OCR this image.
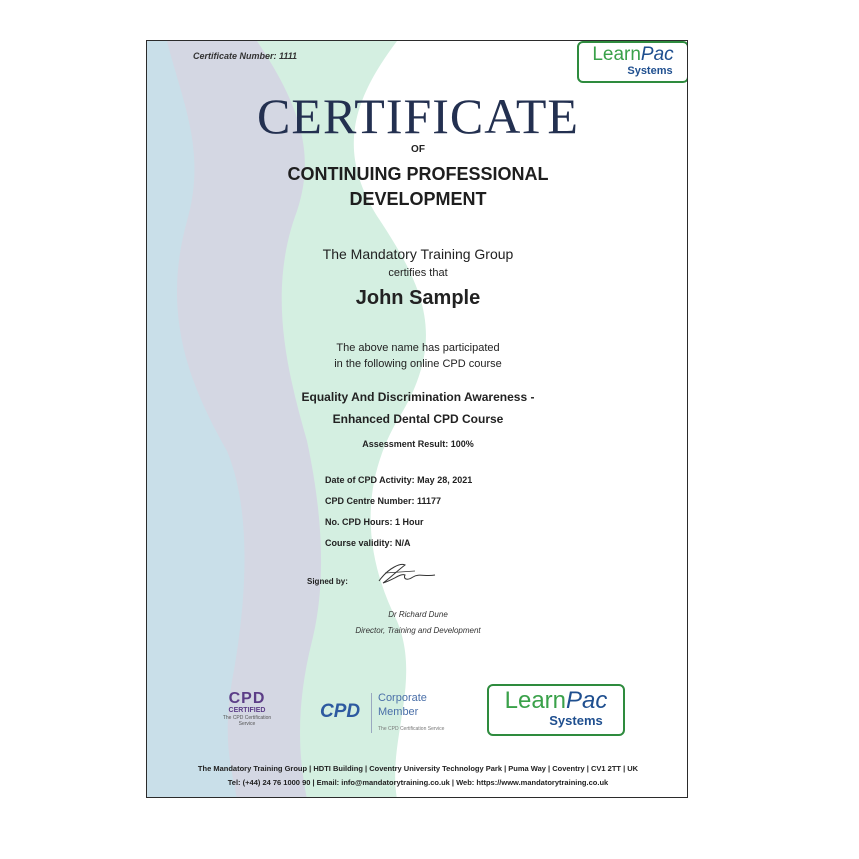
Certificate Number: 1111	LearnPac
Systems
CERTIFICATE
OF
CONTINUING PROFESSIONAL
DEVELOPMENT
The Mandatory Training Group
certifies that
John Sample
The above name has participated
in the following online CPD course
Equality And Discrimination Awareness -
Enhanced Dental CPD Course
Assessment Result: 100%
Date of CPD Activity: May 28, 2021
CPD Centre Number: 11177
No. CPD Hours: 1 Hour
Course validity: N/A
Signed by:
Dr Richard Dune
Director, Training and Development
CPD
CERTIFIED
The CPD Certification Service
CPD
Corporate
Member
The CPD Certification Service
LearnPac
Systems
The Mandatory Training Group | HDTI Building | Coventry University Technology Park | Puma Way | Coventry | CV1 2TT | UK
Tel: (+44) 24 76 1000 90 | Email: info@mandatorytraining.co.uk | Web: https://www.mandatorytraining.co.uk
